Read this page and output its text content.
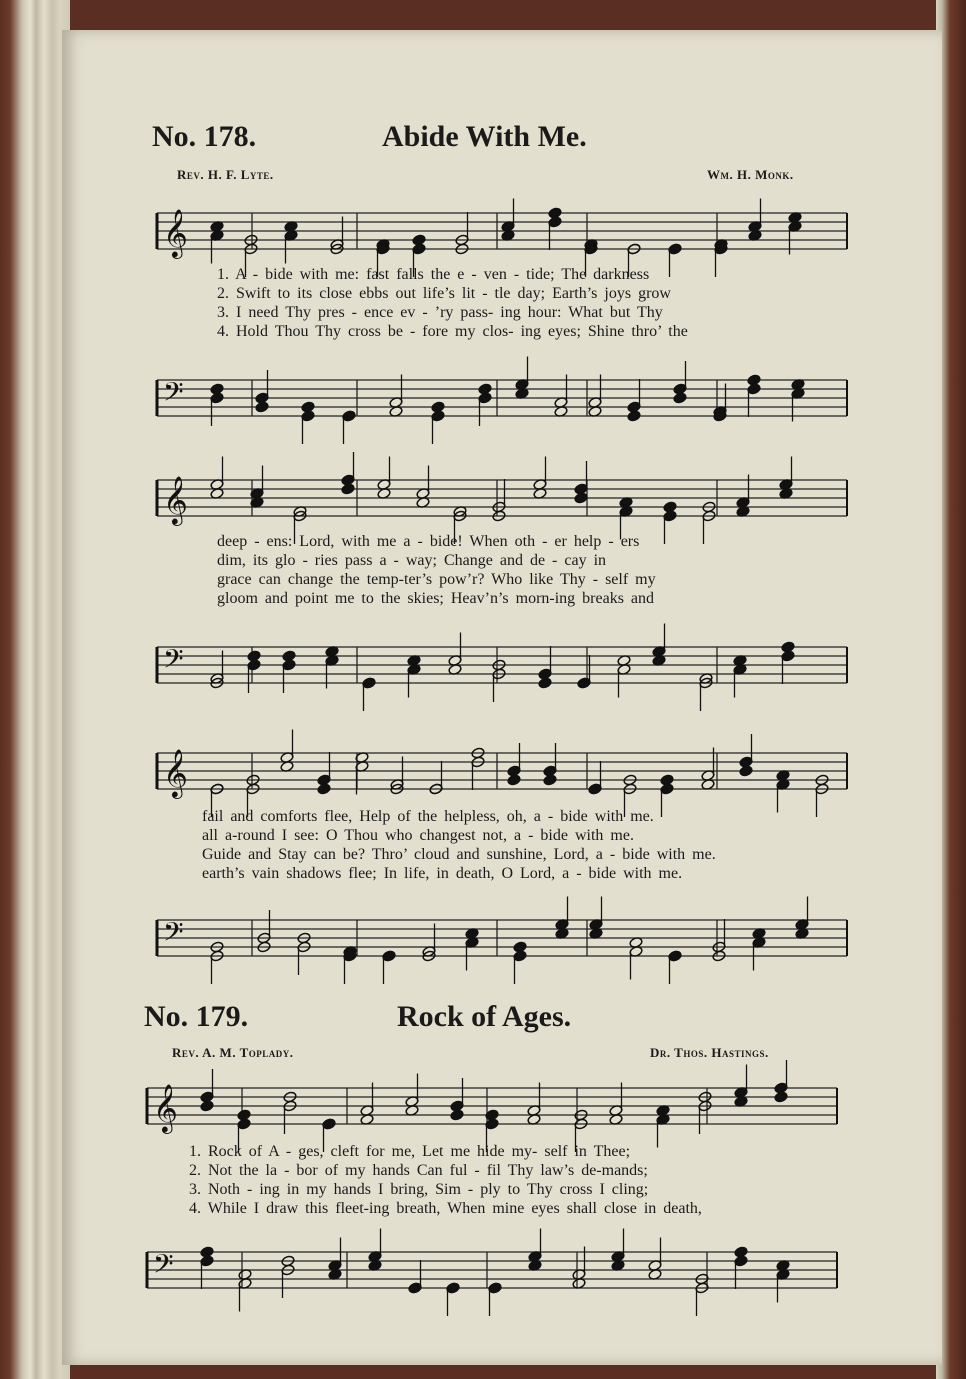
No. 178.	Abide With Me.
Rev. H. F. Lyte.	Wm. H. Monk.
𝄞
1. A - bide with me: fast falls the e - ven - tide; The darkness
2. Swift to its close ebbs out life’s lit - tle day; Earth’s joys grow
3. I need Thy pres - ence ev - ’ry pass- ing hour: What but Thy
4. Hold Thou Thy cross be - fore my clos- ing eyes; Shine thro’ the
𝄢
𝄞
deep - ens: Lord, with me a - bide! When oth - er help - ers
dim, its glo - ries pass a - way; Change and de - cay in
grace can change the temp-ter’s pow’r? Who like Thy - self my
gloom and point me to the skies; Heav’n’s morn-ing breaks and
𝄢
𝄞
fail and comforts flee, Help of the helpless, oh, a - bide with me.
all a-round I see: O Thou who changest not, a - bide with me.
Guide and Stay can be? Thro’ cloud and sunshine, Lord, a - bide with me.
earth’s vain shadows flee; In life, in death, O Lord, a - bide with me.
𝄢
No. 179.	Rock of Ages.
Rev. A. M. Toplady.	Dr. Thos. Hastings.
𝄞
1. Rock of A - ges, cleft for me, Let me hide my- self in Thee;
2. Not the la - bor of my hands Can ful - fil Thy law’s de-mands;
3. Noth - ing in my hands I bring, Sim - ply to Thy cross I cling;
4. While I draw this fleet-ing breath, When mine eyes shall close in death,
𝄢
